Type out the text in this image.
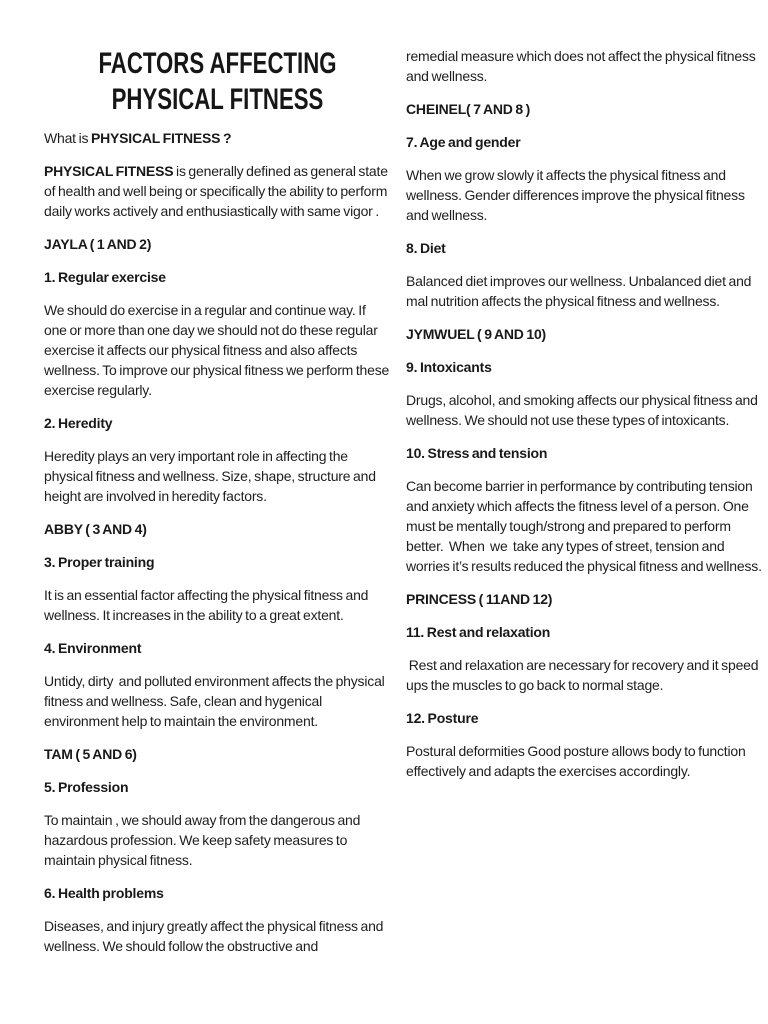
FACTORS AFFECTING
PHYSICAL FITNESS

What is PHYSICAL FITNESS ?

PHYSICAL FITNESS is generally defined as general state of health and well being or specifically the ability to perform daily works actively and enthusiastically with same vigor .

JAYLA ( 1 AND 2)

1. Regular exercise

We should do exercise in a regular and continue way. If one or more than one day we should not do these regular exercise it affects our physical fitness and also affects wellness. To improve our physical fitness we perform these exercise regularly.

2. Heredity

Heredity plays an very important role in affecting the physical fitness and wellness. Size, shape, structure and height are involved in heredity factors.

ABBY ( 3 AND 4)

3. Proper training

It is an essential factor affecting the physical fitness and wellness. It increases in the ability to a great extent.

4. Environment

Untidy, dirty  and polluted environment affects the physical fitness and wellness. Safe, clean and hygenical environment help to maintain the environment.

TAM ( 5 AND 6)

5. Profession

To maintain , we should away from the dangerous and hazardous profession. We keep safety measures to maintain physical fitness.

6. Health problems

Diseases, and injury greatly affect the physical fitness and wellness. We should follow the obstructive and

remedial measure which does not affect the physical fitness and wellness.

CHEINEL( 7 AND 8 )

7. Age and gender

When we grow slowly it affects the physical fitness and wellness. Gender differences improve the physical fitness and wellness.

8. Diet

Balanced diet improves our wellness. Unbalanced diet and mal nutrition affects the physical fitness and wellness.

JYMWUEL ( 9 AND 10)

9. Intoxicants

Drugs, alcohol, and smoking affects our physical fitness and wellness. We should not use these types of intoxicants.

10. Stress and tension

Can become barrier in performance by contributing tension and anxiety which affects the fitness level of a person. One must be mentally tough/strong and prepared to perform better.  When  we  take any types of street, tension and worries it’s results reduced the physical fitness and wellness.

PRINCESS ( 11AND 12)

11. Rest and relaxation

Rest and relaxation are necessary for recovery and it speed ups the muscles to go back to normal stage.

12. Posture

Postural deformities Good posture allows body to function effectively and adapts the exercises accordingly.
